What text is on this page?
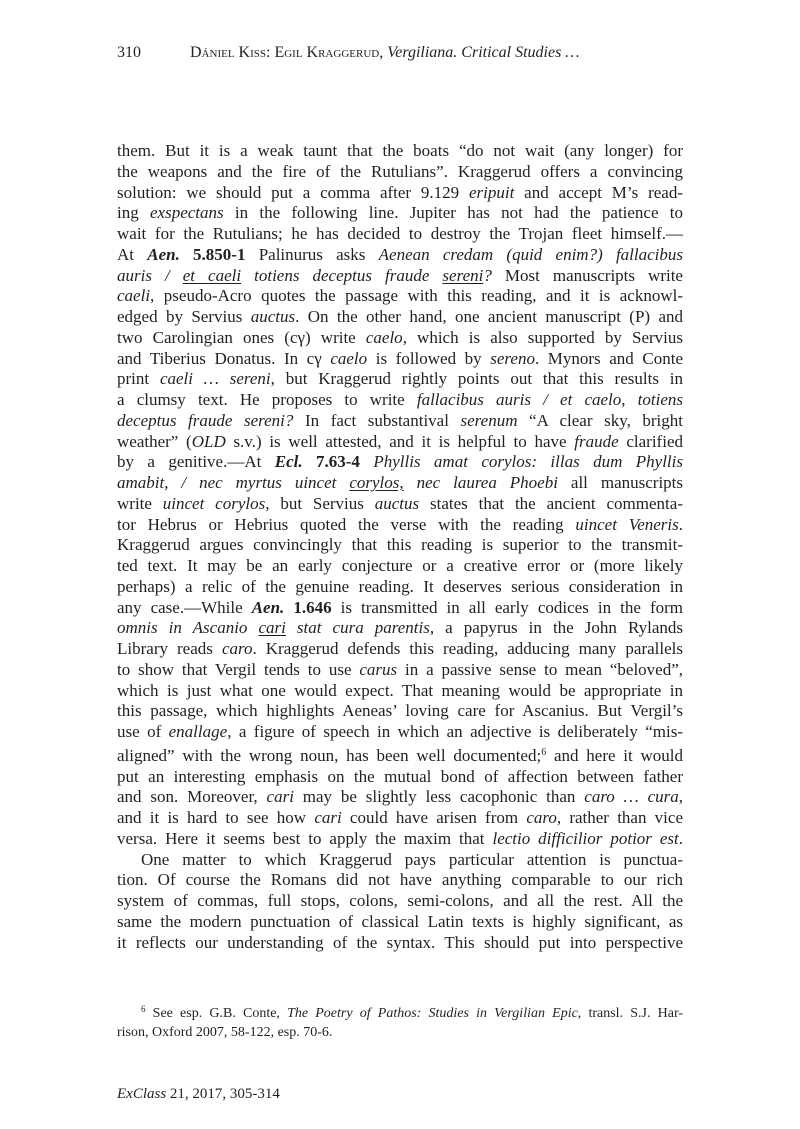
310	Dániel Kiss: Egil Kraggerud, Vergiliana. Critical Studies …
them. But it is a weak taunt that the boats “do not wait (any longer) for
the weapons and the fire of the Rutulians”. Kraggerud offers a convincing
solution: we should put a comma after 9.129 eripuit and accept M’s read-
ing exspectans in the following line. Jupiter has not had the patience to
wait for the Rutulians; he has decided to destroy the Trojan fleet himself.—
At Aen. 5.850-1 Palinurus asks Aenean credam (quid enim?) fallacibus
auris / et caeli totiens deceptus fraude sereni? Most manuscripts write
caeli, pseudo-Acro quotes the passage with this reading, and it is acknowl-
edged by Servius auctus. On the other hand, one ancient manuscript (P) and
two Carolingian ones (cγ) write caelo, which is also supported by Servius
and Tiberius Donatus. In cγ caelo is followed by sereno. Mynors and Conte
print caeli … sereni, but Kraggerud rightly points out that this results in
a clumsy text. He proposes to write fallacibus auris / et caelo, totiens
deceptus fraude sereni? In fact substantival serenum “A clear sky, bright
weather” (OLD s.v.) is well attested, and it is helpful to have fraude clarified
by a genitive.—At Ecl. 7.63-4 Phyllis amat corylos: illas dum Phyllis
amabit, / nec myrtus uincet corylos, nec laurea Phoebi all manuscripts
write uincet corylos, but Servius auctus states that the ancient commenta-
tor Hebrus or Hebrius quoted the verse with the reading uincet Veneris.
Kraggerud argues convincingly that this reading is superior to the transmit-
ted text. It may be an early conjecture or a creative error or (more likely
perhaps) a relic of the genuine reading. It deserves serious consideration in
any case.—While Aen. 1.646 is transmitted in all early codices in the form
omnis in Ascanio cari stat cura parentis, a papyrus in the John Rylands
Library reads caro. Kraggerud defends this reading, adducing many parallels
to show that Vergil tends to use carus in a passive sense to mean “beloved”,
which is just what one would expect. That meaning would be appropriate in
this passage, which highlights Aeneas’ loving care for Ascanius. But Vergil’s
use of enallage, a figure of speech in which an adjective is deliberately “mis-
aligned” with the wrong noun, has been well documented;$^6$ and here it would
put an interesting emphasis on the mutual bond of affection between father
and son. Moreover, cari may be slightly less cacophonic than caro … cura,
and it is hard to see how cari could have arisen from caro, rather than vice
versa. Here it seems best to apply the maxim that lectio difficilior potior est.
One matter to which Kraggerud pays particular attention is punctua-
tion. Of course the Romans did not have anything comparable to our rich
system of commas, full stops, colons, semi-colons, and all the rest. All the
same the modern punctuation of classical Latin texts is highly significant, as
it reflects our understanding of the syntax. This should put into perspective
$^6$ See esp. G.B. Conte, The Poetry of Pathos: Studies in Vergilian Epic, transl. S.J. Har-
rison, Oxford 2007, 58-122, esp. 70-6.
ExClass 21, 2017, 305-314
